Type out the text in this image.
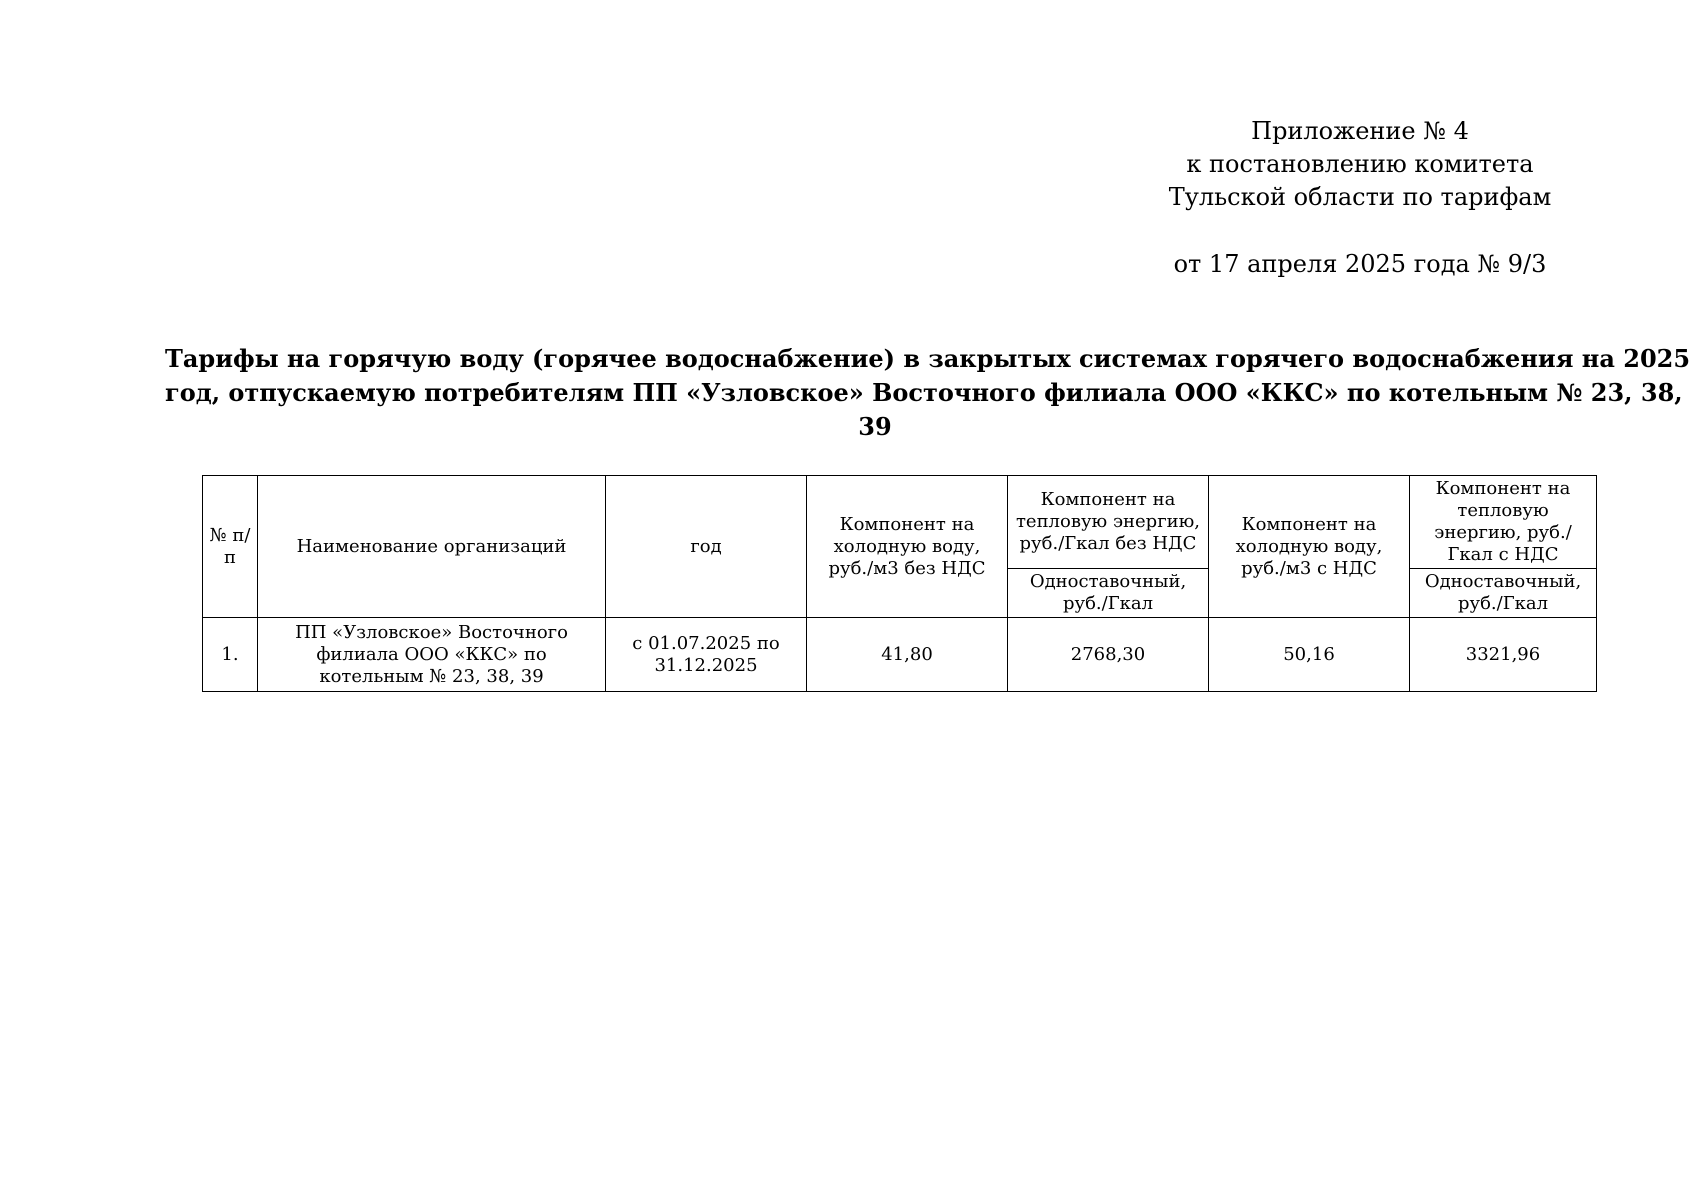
Приложение № 4
к постановлению комитета
Тульской области по тарифам
от 17 апреля 2025 года № 9/3
Тарифы на горячую воду (горячее водоснабжение) в закрытых системах горячего водоснабжения на 2025
год, отпускаемую потребителям ПП «Узловское» Восточного филиала ООО «ККС» по котельным № 23, 38,
39
№ п/п	Наименование организаций	год	Компонент на холодную воду, руб./м3 без НДС	Компонент на тепловую энергию, руб./Гкал без НДС	Компонент на холодную воду, руб./м3 с НДС	Компонент на тепловую энергию, руб./Гкал с НДС
				Одноставочный, руб./Гкал		Одноставочный, руб./Гкал
1.	ПП «Узловское» Восточного филиала ООО «ККС» по котельным № 23, 38, 39	с 01.07.2025 по 31.12.2025	41,80	2768,30	50,16	3321,96
